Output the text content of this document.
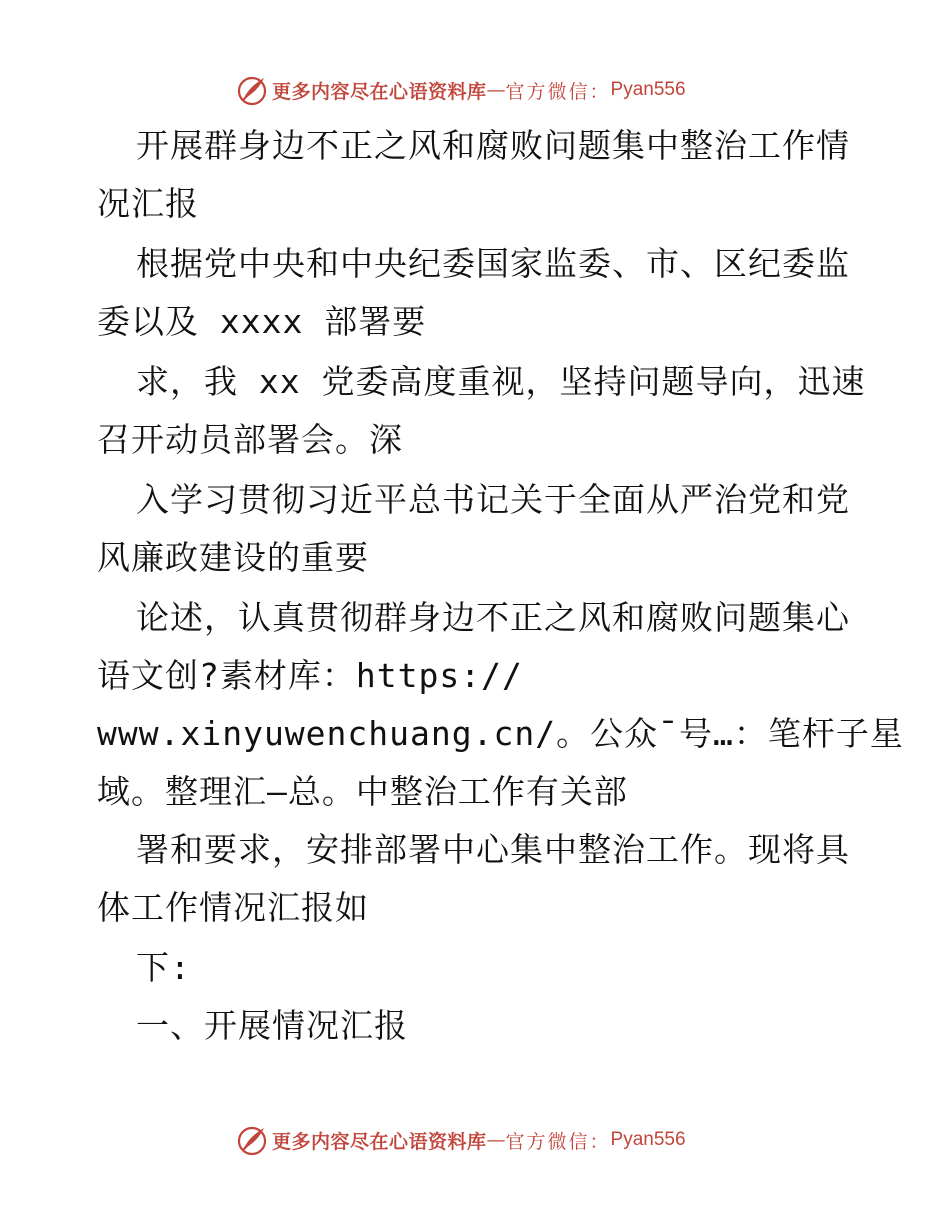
更多内容尽在心语资料库 — 官方微信： Pyan556
开展群身边不正之风和腐败问题集中整治工作情
况汇报
根据党中央和中央纪委国家监委、市、区纪委监
委以及 xxxx 部署要
求，我 xx 党委高度重视，坚持问题导向，迅速
召开动员部署会。深
入学习贯彻习近平总书记关于全面从严治党和党
风廉政建设的重要
论述，认真贯彻群身边不正之风和腐败问题集心
语文创?素材库：https://
www.xinyuwenchuang.cn/。公众¯号…：笔杆子星
域。整理汇—总。中整治工作有关部
署和要求，安排部署中心集中整治工作。现将具
体工作情况汇报如
下:
一、开展情况汇报
更多内容尽在心语资料库 — 官方微信： Pyan556
